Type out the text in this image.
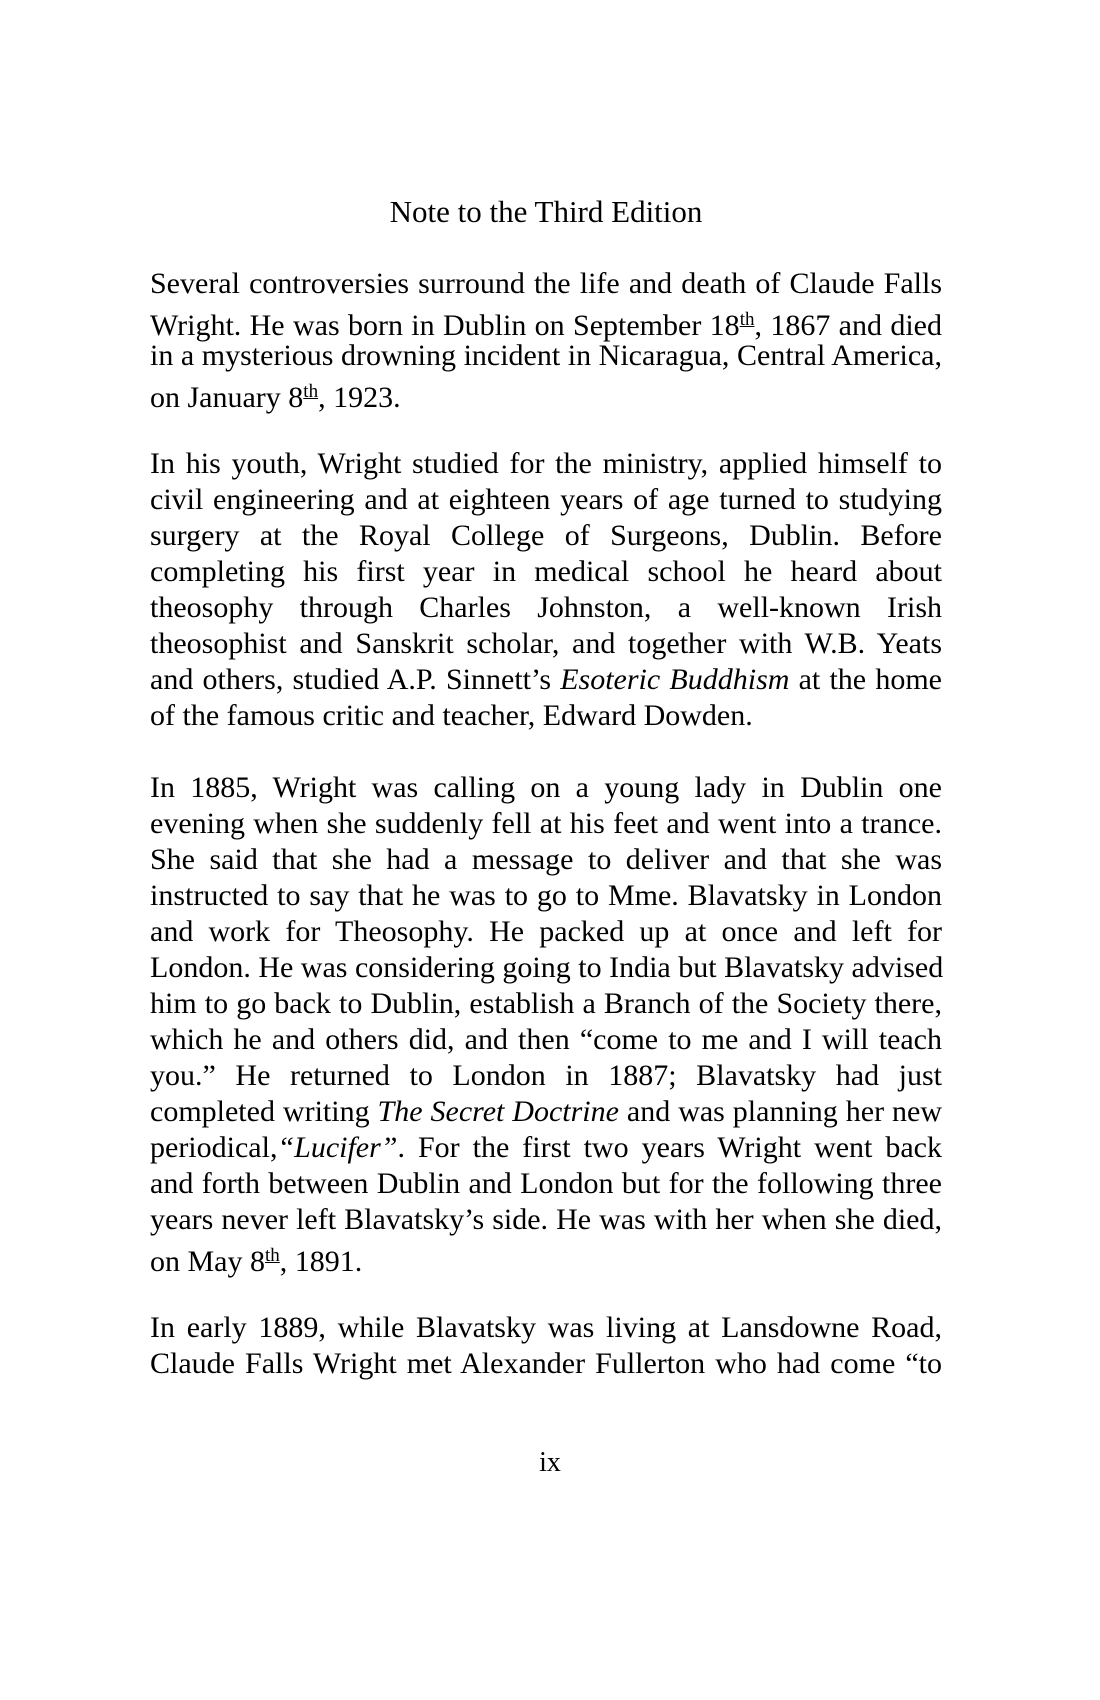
Note to the Third Edition
Several controversies surround the life and death of Claude Falls
Wright. He was born in Dublin on September 18th, 1867 and died
in a mysterious drowning incident in Nicaragua, Central America,
on January 8th, 1923.
In his youth, Wright studied for the ministry, applied himself to
civil engineering and at eighteen years of age turned to studying
surgery at the Royal College of Surgeons, Dublin. Before
completing his first year in medical school he heard about
theosophy through Charles Johnston, a well-known Irish
theosophist and Sanskrit scholar, and together with W.B. Yeats
and others, studied A.P. Sinnett’s Esoteric Buddhism at the home
of the famous critic and teacher, Edward Dowden.
In 1885, Wright was calling on a young lady in Dublin one
evening when she suddenly fell at his feet and went into a trance.
She said that she had a message to deliver and that she was
instructed to say that he was to go to Mme. Blavatsky in London
and work for Theosophy. He packed up at once and left for
London. He was considering going to India but Blavatsky advised
him to go back to Dublin, establish a Branch of the Society there,
which he and others did, and then “come to me and I will teach
you.” He returned to London in 1887; Blavatsky had just
completed writing The Secret Doctrine and was planning her new
periodical,“Lucifer”. For the first two years Wright went back
and forth between Dublin and London but for the following three
years never left Blavatsky’s side. He was with her when she died,
on May 8th, 1891.
In early 1889, while Blavatsky was living at Lansdowne Road,
Claude Falls Wright met Alexander Fullerton who had come “to
ix
